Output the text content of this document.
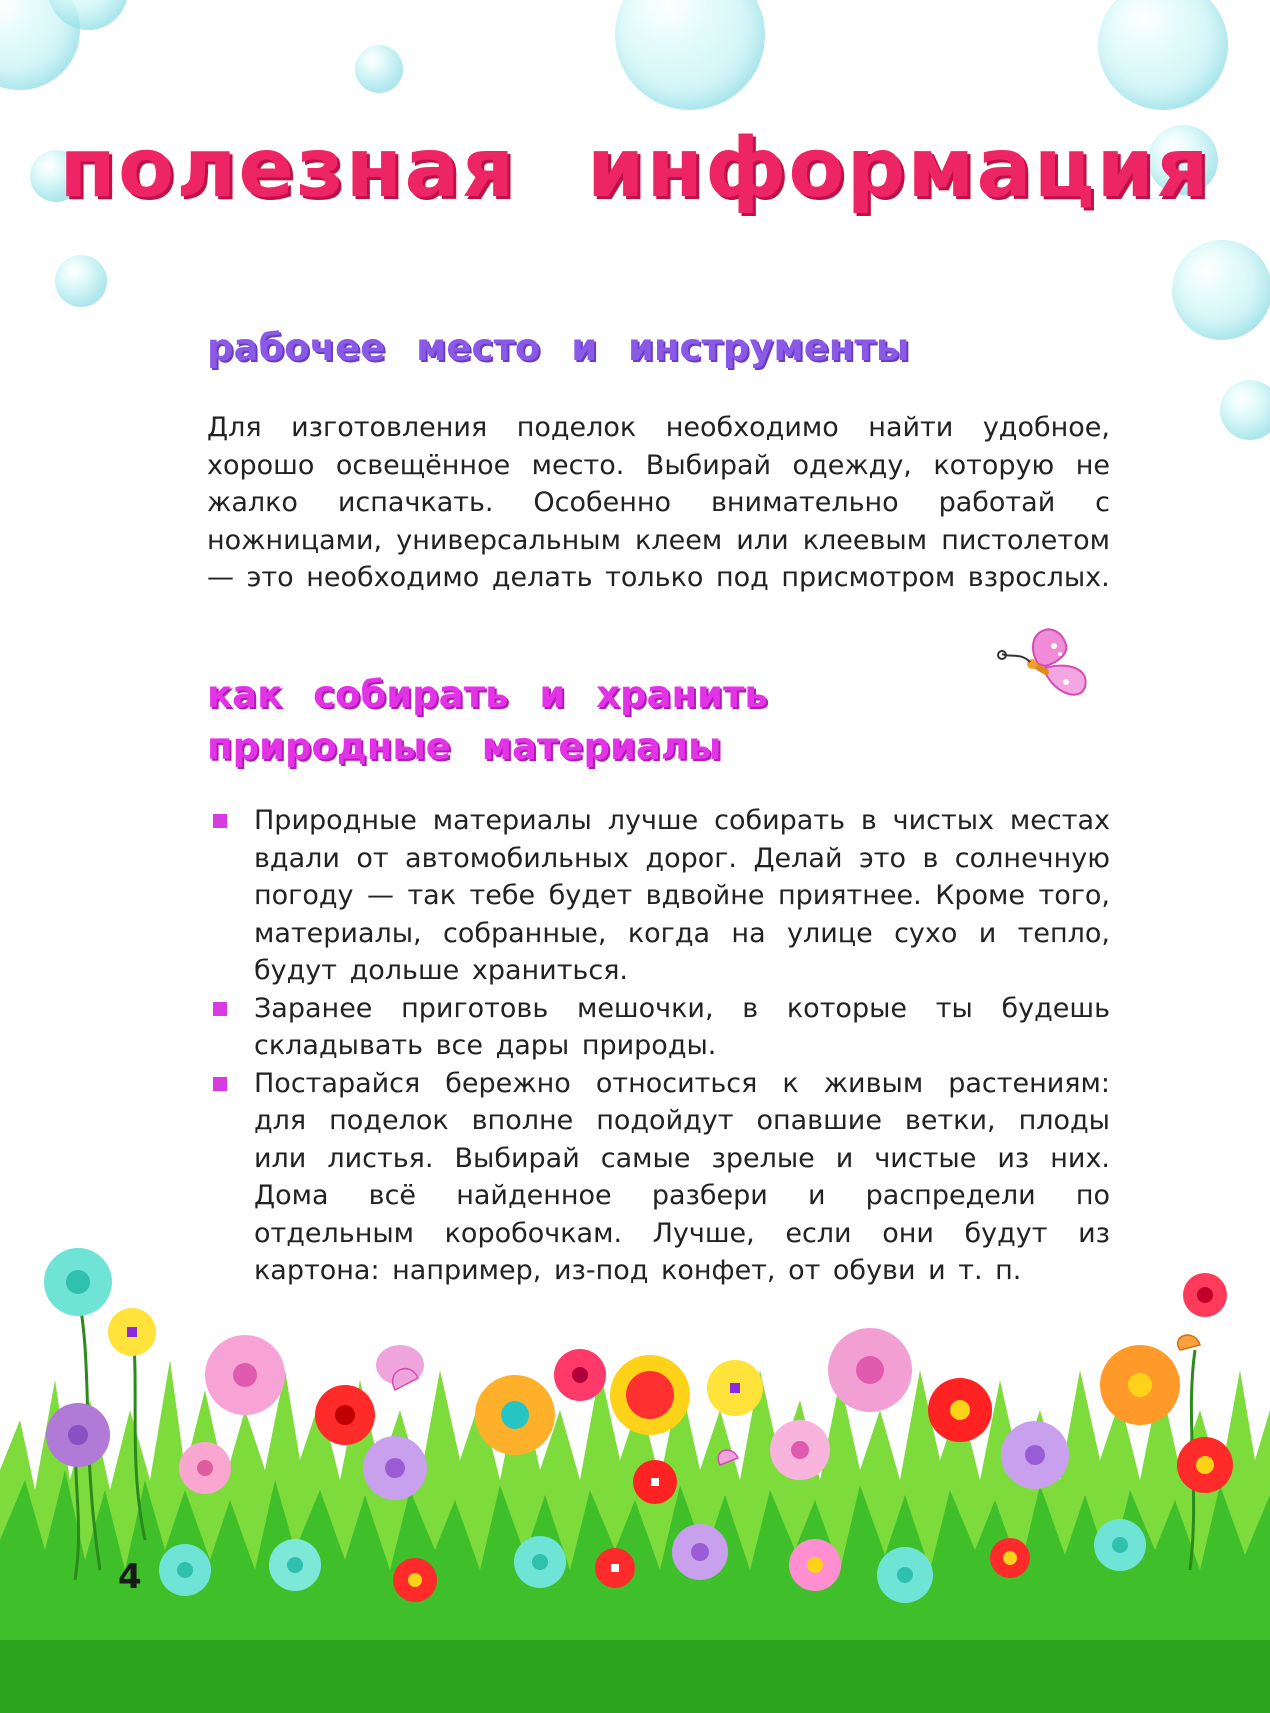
полезная информация
рабочее место и инструменты

Для изготовления поделок необходимо найти удобное, хорошо освещённое место. Выбирай одежду, которую не жалко испачкать. Особенно внимательно работай с ножницами, универсальным клеем или клеевым пистолетом — это необходимо делать только под присмотром взрослых.

как собирать и хранить природные материалы
Природные материалы лучше собирать в чистых местах вдали от автомобильных дорог. Делай это в солнечную погоду — так тебе будет вдвойне приятнее. Кроме того, материалы, собранные, когда на улице сухо и тепло, будут дольше храниться.
Заранее приготовь мешочки, в которые ты будешь складывать все дары природы.
Постарайся бережно относиться к живым растениям: для поделок вполне подойдут опавшие ветки, плоды или листья. Выбирай самые зрелые и чистые из них. Дома всё найденное разбери и распредели по отдельным коробочкам. Лучше, если они будут из картона: например, из-под конфет, от обуви и т. п.
4
